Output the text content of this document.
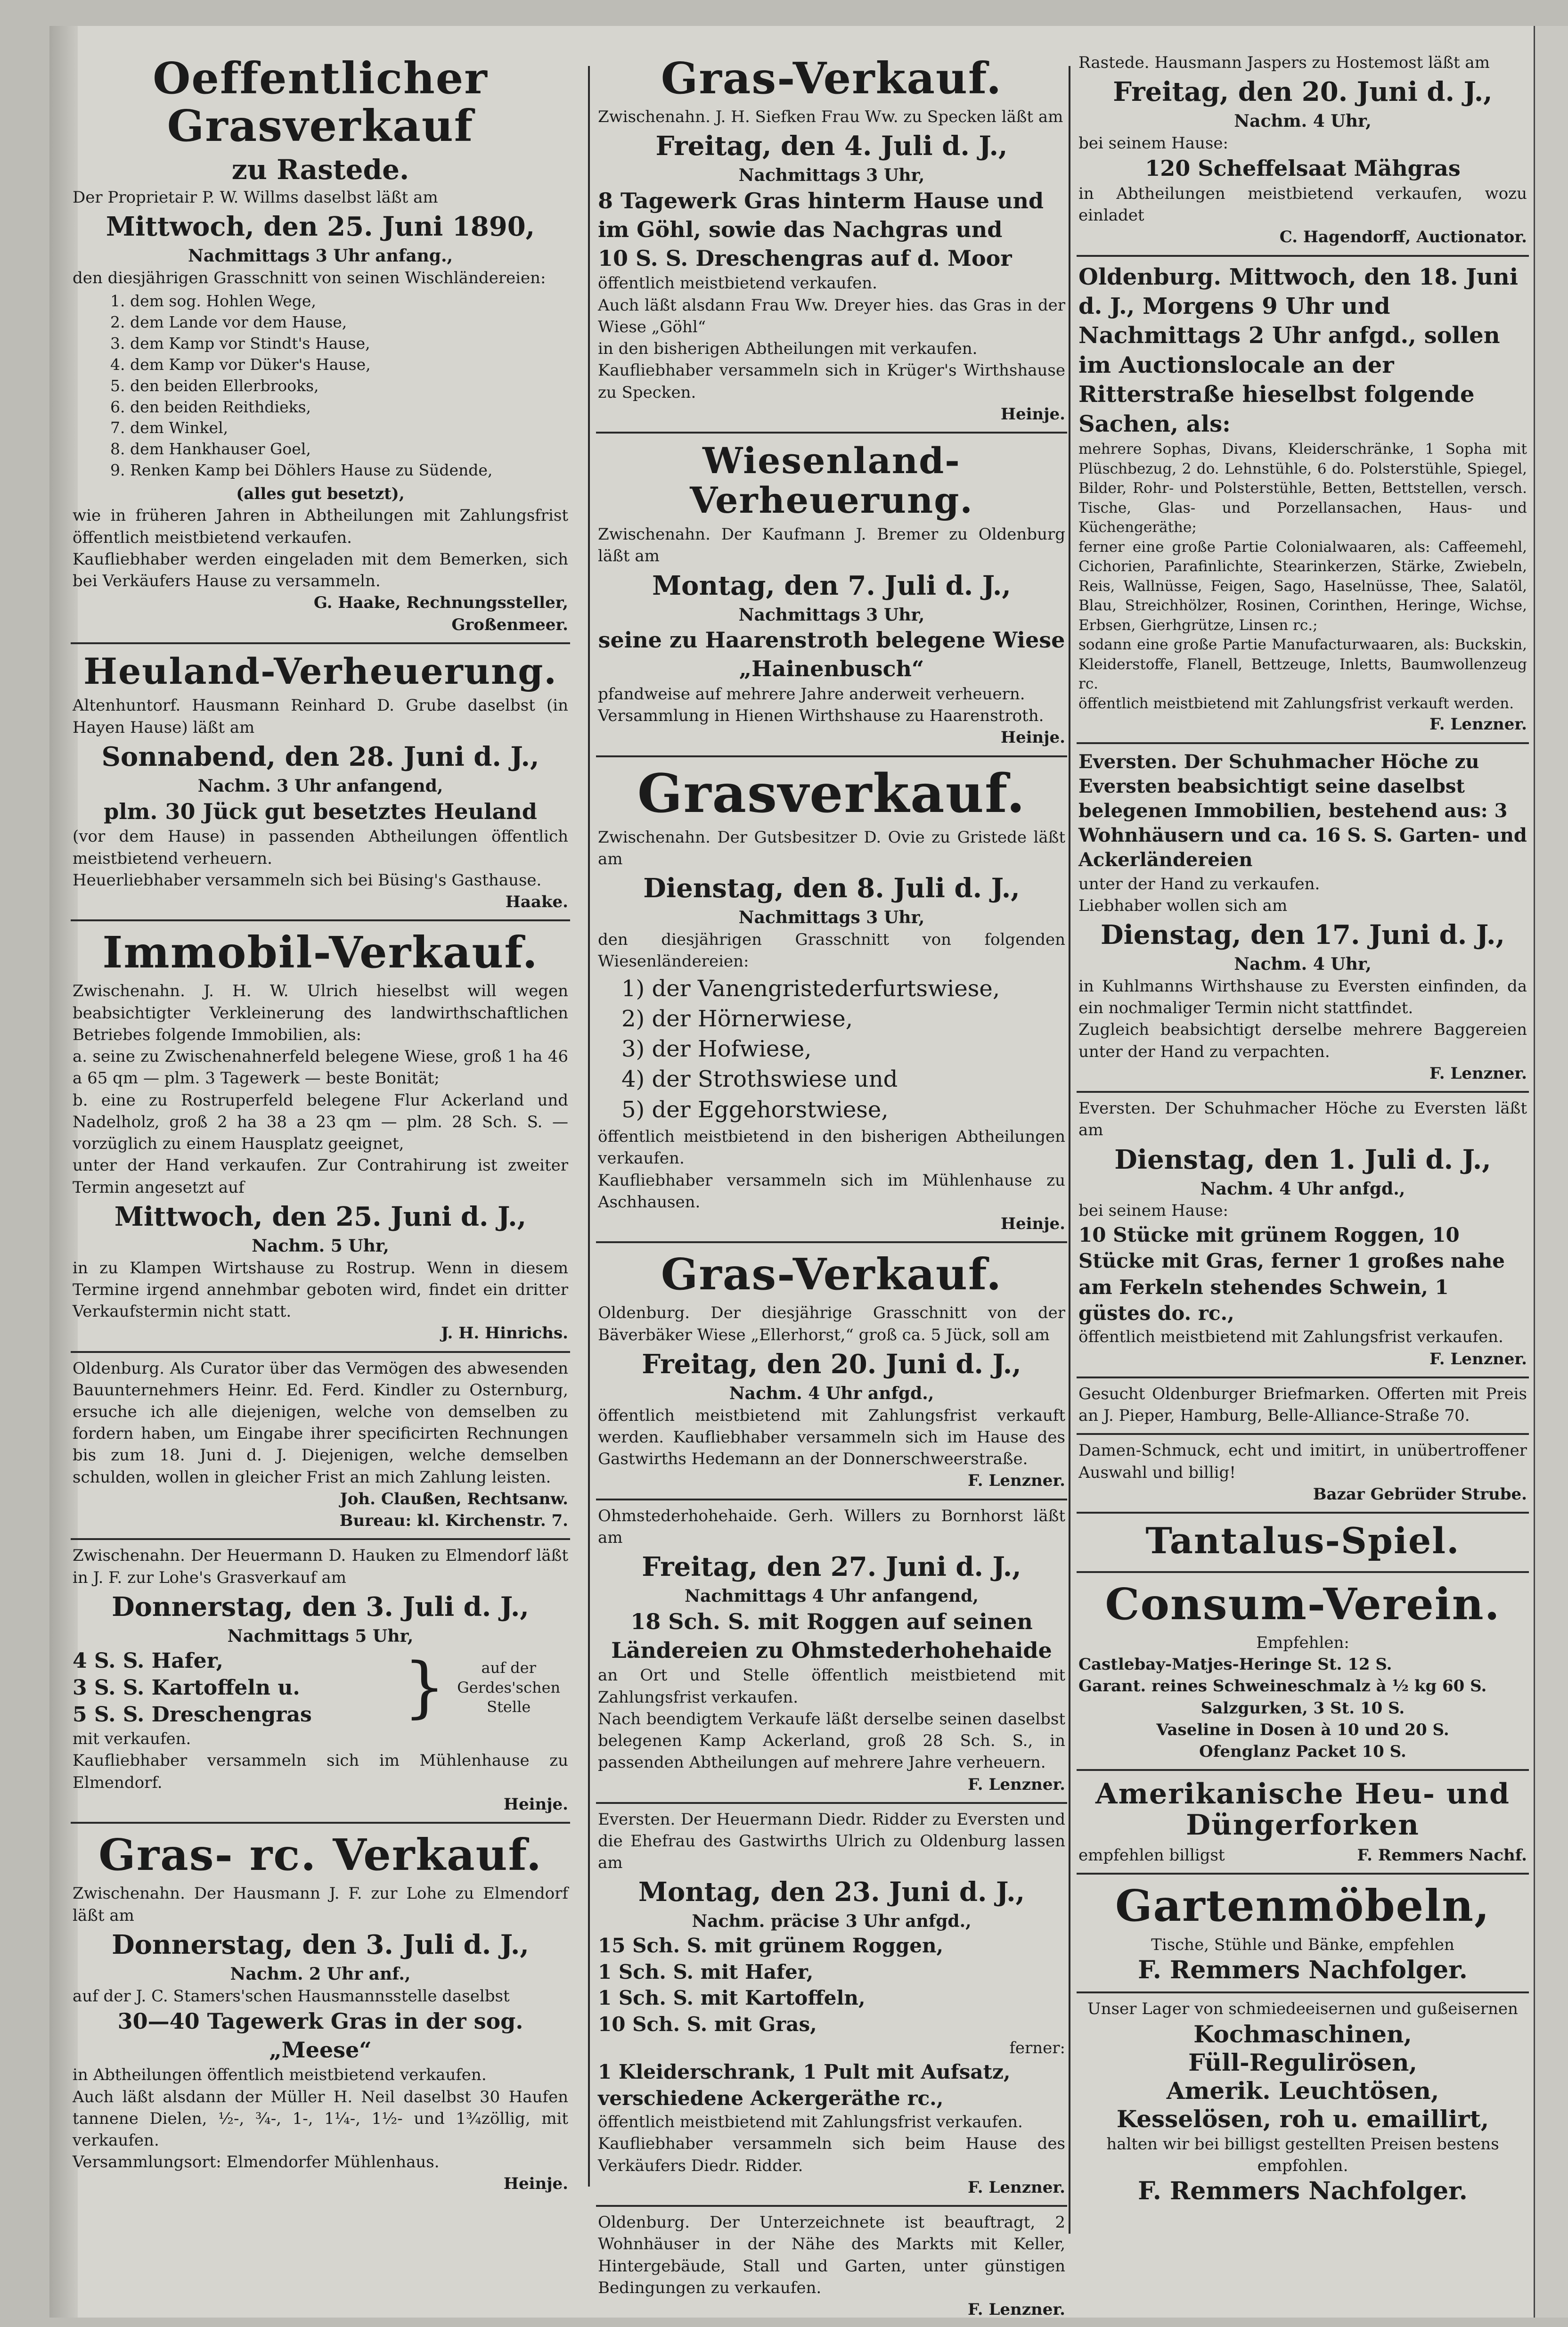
Oeffentlicher Grasverkauf
zu Rastede.

Der Proprietair P. W. Willms daselbst läßt am

Mittwoch, den 25. Juni 1890,
Nachmittags 3 Uhr anfang.,

den diesjährigen Grasschnitt von seinen Wischländereien:

1. dem sog. Hohlen Wege,
2. dem Lande vor dem Hause,
3. dem Kamp vor Stindt's Hause,
4. dem Kamp vor Düker's Hause,
5. den beiden Ellerbrooks,
6. den beiden Reithdieks,
7. dem Winkel,
8. dem Hankhauser Goel,
9. Renken Kamp bei Döhlers Hause zu Südende,
(alles gut besetzt),

wie in früheren Jahren in Abtheilungen mit Zahlungsfrist öffentlich meistbietend verkaufen.

Kaufliebhaber werden eingeladen mit dem Bemerken, sich bei Verkäufers Hause zu versammeln.

G. Haake, Rechnungssteller,
Großenmeer.
Heuland-Verheuerung.

Altenhuntorf. Hausmann Reinhard D. Grube daselbst (in Hayen Hause) läßt am

Sonnabend, den 28. Juni d. J.,
Nachm. 3 Uhr anfangend,
plm. 30 Jück gut besetztes Heuland

(vor dem Hause) in passenden Abtheilungen öffentlich meistbietend verheuern.

Heuerliebhaber versammeln sich bei Büsing's Gasthause.

Haake.
Immobil-Verkauf.

Zwischenahn. J. H. W. Ulrich hieselbst will wegen beabsichtigter Verkleinerung des landwirthschaftlichen Betriebes folgende Immobilien, als:

a. seine zu Zwischenahnerfeld belegene Wiese, groß 1 ha 46 a 65 qm — plm. 3 Tagewerk — beste Bonität;

b. eine zu Rostruperfeld belegene Flur Ackerland und Nadelholz, groß 2 ha 38 a 23 qm — plm. 28 Sch. S. — vorzüglich zu einem Hausplatz geeignet,

unter der Hand verkaufen. Zur Contrahirung ist zweiter Termin angesetzt auf

Mittwoch, den 25. Juni d. J.,
Nachm. 5 Uhr,

in zu Klampen Wirtshause zu Rostrup. Wenn in diesem Termine irgend annehmbar geboten wird, findet ein dritter Verkaufstermin nicht statt.

J. H. Hinrichs.

Oldenburg. Als Curator über das Vermögen des abwesenden Bauunternehmers Heinr. Ed. Ferd. Kindler zu Osternburg, ersuche ich alle diejenigen, welche von demselben zu fordern haben, um Eingabe ihrer specificirten Rechnungen bis zum 18. Juni d. J. Diejenigen, welche demselben schulden, wollen in gleicher Frist an mich Zahlung leisten.

Joh. Claußen, Rechtsanw.
Bureau: kl. Kirchenstr. 7.

Zwischenahn. Der Heuermann D. Hauken zu Elmendorf läßt in J. F. zur Lohe's Grasverkauf am

Donnerstag, den 3. Juli d. J.,
Nachmittags 5 Uhr,
4 S. S. Hafer,
3 S. S. Kartoffeln u.
5 S. S. Dreschengras	}	auf der Gerdes'schen Stelle

mit verkaufen.

Kaufliebhaber versammeln sich im Mühlenhause zu Elmendorf.

Heinje.
Gras- rc. Verkauf.

Zwischenahn. Der Hausmann J. F. zur Lohe zu Elmendorf läßt am

Donnerstag, den 3. Juli d. J.,
Nachm. 2 Uhr anf.,

auf der J. C. Stamers'schen Hausmannsstelle daselbst

30—40 Tagewerk Gras in der sog. „Meese“

in Abtheilungen öffentlich meistbietend verkaufen.

Auch läßt alsdann der Müller H. Neil daselbst 30 Haufen tannene Dielen, ½-, ¾-, 1-, 1¼-, 1½- und 1¾zöllig, mit verkaufen.

Versammlungsort: Elmendorfer Mühlenhaus.

Heinje.
Gras-Verkauf.

Zwischenahn. J. H. Siefken Frau Ww. zu Specken läßt am

Freitag, den 4. Juli d. J.,
Nachmittags 3 Uhr,
8 Tagewerk Gras hinterm Hause und im Göhl, sowie das Nachgras und
10 S. S. Dreschengras auf d. Moor

öffentlich meistbietend verkaufen.

Auch läßt alsdann Frau Ww. Dreyer hies. das Gras in der Wiese „Göhl“

in den bisherigen Abtheilungen mit verkaufen.

Kaufliebhaber versammeln sich in Krüger's Wirthshause zu Specken.

Heinje.
Wiesenland-Verheuerung.

Zwischenahn. Der Kaufmann J. Bremer zu Oldenburg läßt am

Montag, den 7. Juli d. J.,
Nachmittags 3 Uhr,
seine zu Haarenstroth belegene Wiese „Hainenbusch“

pfandweise auf mehrere Jahre anderweit verheuern.

Versammlung in Hienen Wirthshause zu Haarenstroth.

Heinje.
Grasverkauf.

Zwischenahn. Der Gutsbesitzer D. Ovie zu Gristede läßt am

Dienstag, den 8. Juli d. J.,
Nachmittags 3 Uhr,

den diesjährigen Grasschnitt von folgenden Wiesenländereien:

1) der Vanengristederfurtswiese,
2) der Hörnerwiese,
3) der Hofwiese,
4) der Strothswiese und
5) der Eggehorstwiese,

öffentlich meistbietend in den bisherigen Abtheilungen verkaufen.

Kaufliebhaber versammeln sich im Mühlenhause zu Aschhausen.

Heinje.
Gras-Verkauf.

Oldenburg. Der diesjährige Grasschnitt von der Bäverbäker Wiese „Ellerhorst,“ groß ca. 5 Jück, soll am

Freitag, den 20. Juni d. J.,
Nachm. 4 Uhr anfgd.,

öffentlich meistbietend mit Zahlungsfrist verkauft werden. Kaufliebhaber versammeln sich im Hause des Gastwirths Hedemann an der Donnerschweerstraße.

F. Lenzner.

Ohmstederhohehaide. Gerh. Willers zu Bornhorst läßt am

Freitag, den 27. Juni d. J.,
Nachmittags 4 Uhr anfangend,
18 Sch. S. mit Roggen auf seinen Ländereien zu Ohmstederhohehaide

an Ort und Stelle öffentlich meistbietend mit Zahlungsfrist verkaufen.

Nach beendigtem Verkaufe läßt derselbe seinen daselbst belegenen Kamp Ackerland, groß 28 Sch. S., in passenden Abtheilungen auf mehrere Jahre verheuern.

F. Lenzner.

Eversten. Der Heuermann Diedr. Ridder zu Eversten und die Ehefrau des Gastwirths Ulrich zu Oldenburg lassen am

Montag, den 23. Juni d. J.,
Nachm. präcise 3 Uhr anfgd.,
15 Sch. S. mit grünem Roggen,
1 Sch. S. mit Hafer,
1 Sch. S. mit Kartoffeln,
10 Sch. S. mit Gras,
ferner:
1 Kleiderschrank, 1 Pult mit Aufsatz, verschiedene Ackergeräthe rc.,

öffentlich meistbietend mit Zahlungsfrist verkaufen.

Kaufliebhaber versammeln sich beim Hause des Verkäufers Diedr. Ridder.

F. Lenzner.

Oldenburg. Der Unterzeichnete ist beauftragt, 2 Wohnhäuser in der Nähe des Markts mit Keller, Hintergebäude, Stall und Garten, unter günstigen Bedingungen zu verkaufen.

F. Lenzner.

Rastede. Hausmann Jaspers zu Hostemost läßt am

Freitag, den 20. Juni d. J.,
Nachm. 4 Uhr,

bei seinem Hause:

120 Scheffelsaat Mähgras

in Abtheilungen meistbietend verkaufen, wozu einladet

C. Hagendorff, Auctionator.
Oldenburg. Mittwoch, den 18. Juni d. J., Morgens 9 Uhr und Nachmittags 2 Uhr anfgd., sollen im Auctionslocale an der Ritterstraße hieselbst folgende Sachen, als:

mehrere Sophas, Divans, Kleiderschränke, 1 Sopha mit Plüschbezug, 2 do. Lehnstühle, 6 do. Polsterstühle, Spiegel, Bilder, Rohr- und Polsterstühle, Betten, Bettstellen, versch. Tische, Glas- und Porzellansachen, Haus- und Küchengeräthe;

ferner eine große Partie Colonialwaaren, als: Caffeemehl, Cichorien, Parafinlichte, Stearinkerzen, Stärke, Zwiebeln, Reis, Wallnüsse, Feigen, Sago, Haselnüsse, Thee, Salatöl, Blau, Streichhölzer, Rosinen, Corinthen, Heringe, Wichse, Erbsen, Gierhgrütze, Linsen rc.;

sodann eine große Partie Manufacturwaaren, als: Buckskin, Kleiderstoffe, Flanell, Bettzeuge, Inletts, Baumwollenzeug rc.

öffentlich meistbietend mit Zahlungsfrist verkauft werden.

F. Lenzner.
Eversten. Der Schuhmacher Höche zu Eversten beabsichtigt seine daselbst belegenen Immobilien, bestehend aus: 3 Wohnhäusern und ca. 16 S. S. Garten- und Ackerländereien

unter der Hand zu verkaufen.

Liebhaber wollen sich am

Dienstag, den 17. Juni d. J.,
Nachm. 4 Uhr,

in Kuhlmanns Wirthshause zu Eversten einfinden, da ein nochmaliger Termin nicht stattfindet.

Zugleich beabsichtigt derselbe mehrere Baggereien unter der Hand zu verpachten.

F. Lenzner.

Eversten. Der Schuhmacher Höche zu Eversten läßt am

Dienstag, den 1. Juli d. J.,
Nachm. 4 Uhr anfgd.,

bei seinem Hause:

10 Stücke mit grünem Roggen, 10 Stücke mit Gras, ferner 1 großes nahe am Ferkeln stehendes Schwein, 1 güstes do. rc.,

öffentlich meistbietend mit Zahlungsfrist verkaufen.

F. Lenzner.

Gesucht Oldenburger Briefmarken. Offerten mit Preis an J. Pieper, Hamburg, Belle-Alliance-Straße 70.

Damen-Schmuck, echt und imitirt, in unübertroffener Auswahl und billig!

Bazar Gebrüder Strube.
Tantalus-Spiel.
Consum-Verein.
Empfehlen:
Castlebay-Matjes-Heringe St. 12 S.
Garant. reines Schweineschmalz à ½ kg 60 S.
Salzgurken, 3 St. 10 S.
Vaseline in Dosen à 10 und 20 S.
Ofenglanz Packet 10 S.
Amerikanische Heu- und Düngerforken
empfehlen billigst	F. Remmers Nachf.
Gartenmöbeln,
Tische, Stühle und Bänke, empfehlen
F. Remmers Nachfolger.
Unser Lager von schmiedeeisernen und gußeisernen
Kochmaschinen,
Füll-Regulirösen,
Amerik. Leuchtösen,
Kesselösen, roh u. emaillirt,
halten wir bei billigst gestellten Preisen bestens empfohlen.
F. Remmers Nachfolger.
